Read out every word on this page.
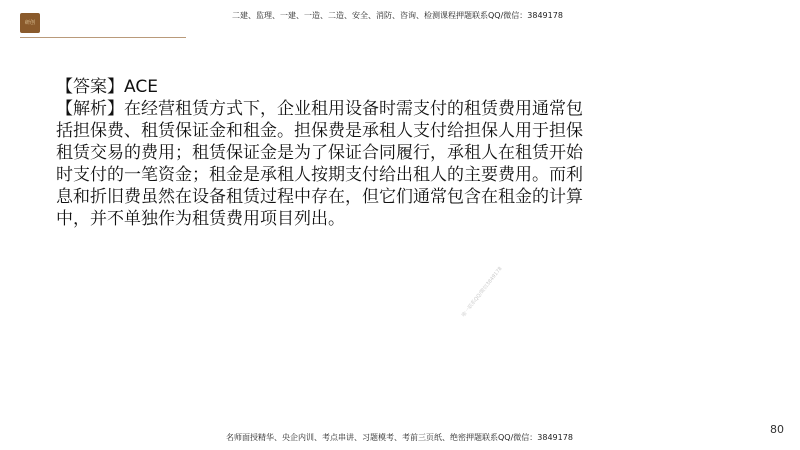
研创
二建、监理、一建、一造、二造、安全、消防、咨询、检测课程押题联系QQ/微信：3849178
【答案】ACE
【解析】在经营租赁方式下，企业租用设备时需支付的租赁费用通常包括担保费、租赁保证金和租金。担保费是承租人支付给担保人用于担保租赁交易的费用；租赁保证金是为了保证合同履行，承租人在租赁开始时支付的一笔资金；租金是承租人按期支付给出租人的主要费用。而利息和折旧费虽然在设备租赁过程中存在，但它们通常包含在租金的计算中，并不单独作为租赁费用项目列出。
唯一联系QQ/微信3849178
名师面授精华、央企内训、考点串讲、习题模考、考前三页纸、绝密押题联系QQ/微信：3849178
80
